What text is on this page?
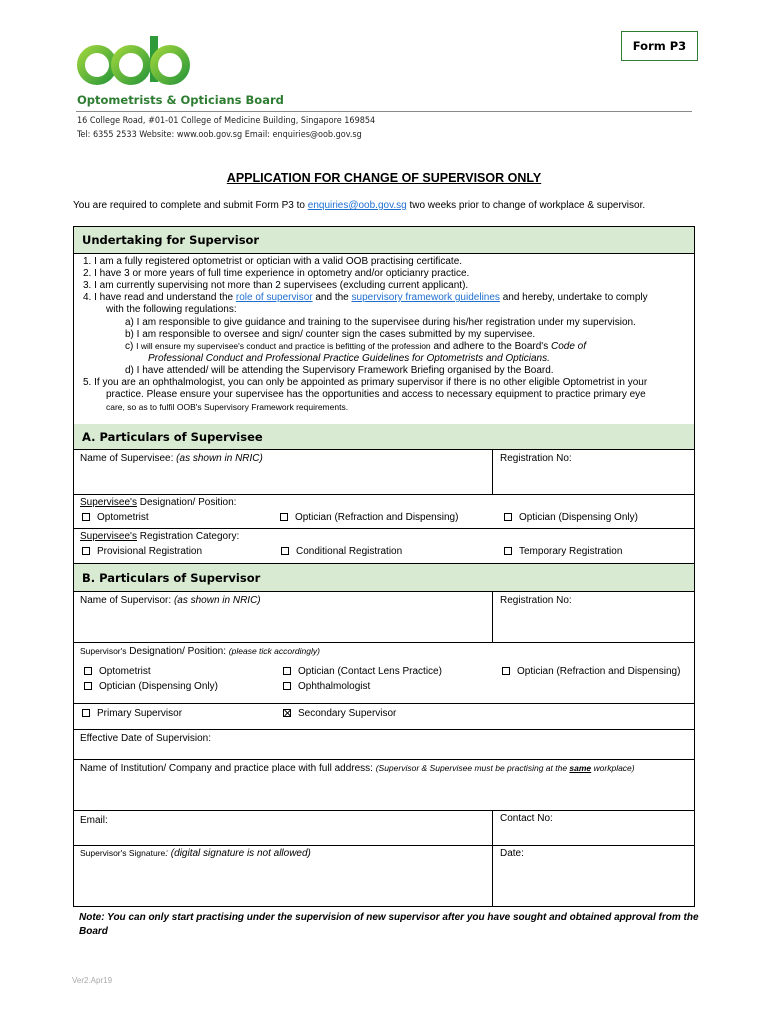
Optometrists & Opticians Board
16 College Road, #01-01 College of Medicine Building, Singapore 169854
Tel: 6355 2533 Website: www.oob.gov.sg Email: enquiries@oob.gov.sg
Form P3
APPLICATION FOR CHANGE OF SUPERVISOR ONLY
You are required to complete and submit Form P3 to enquiries@oob.gov.sg two weeks prior to change of workplace & supervisor.
Undertaking for Supervisor
1. I am a fully registered optometrist or optician with a valid OOB practising certificate.
2. I have 3 or more years of full time experience in optometry and/or opticianry practice.
3. I am currently supervising not more than 2 supervisees (excluding current applicant).
4. I have read and understand the role of supervisor and the supervisory framework guidelines and hereby, undertake to comply
with the following regulations:
a) I am responsible to give guidance and training to the supervisee during his/her registration under my supervision.
b) I am responsible to oversee and sign/ counter sign the cases submitted by my supervisee.
c) I will ensure my supervisee's conduct and practice is befitting of the profession and adhere to the Board's Code of
Professional Conduct and Professional Practice Guidelines for Optometrists and Opticians.
d) I have attended/ will be attending the Supervisory Framework Briefing organised by the Board.
5. If you are an ophthalmologist, you can only be appointed as primary supervisor if there is no other eligible Optometrist in your
practice. Please ensure your supervisee has the opportunities and access to necessary equipment to practice primary eye
care, so as to fulfil OOB's Supervisory Framework requirements.
A. Particulars of Supervisee
Name of Supervisee: (as shown in NRIC)	Registration No:
Supervisee's Designation/ Position:
Optometrist	Optician (Refraction and Dispensing)	Optician (Dispensing Only)
Supervisee's Registration Category:
Provisional Registration	Conditional Registration	Temporary Registration
B. Particulars of Supervisor
Name of Supervisor: (as shown in NRIC)	Registration No:
Supervisor's Designation/ Position: (please tick accordingly)
Optometrist	Optician (Contact Lens Practice)	Optician (Refraction and Dispensing)
Optician (Dispensing Only)	Ophthalmologist
Primary Supervisor	Secondary Supervisor
Effective Date of Supervision:
Name of Institution/ Company and practice place with full address: (Supervisor & Supervisee must be practising at the same workplace)
Email:	Contact No:
Supervisor's Signature: (digital signature is not allowed)	Date:
Note: You can only start practising under the supervision of new supervisor after you have sought and obtained approval from the Board
Ver2.Apr19
